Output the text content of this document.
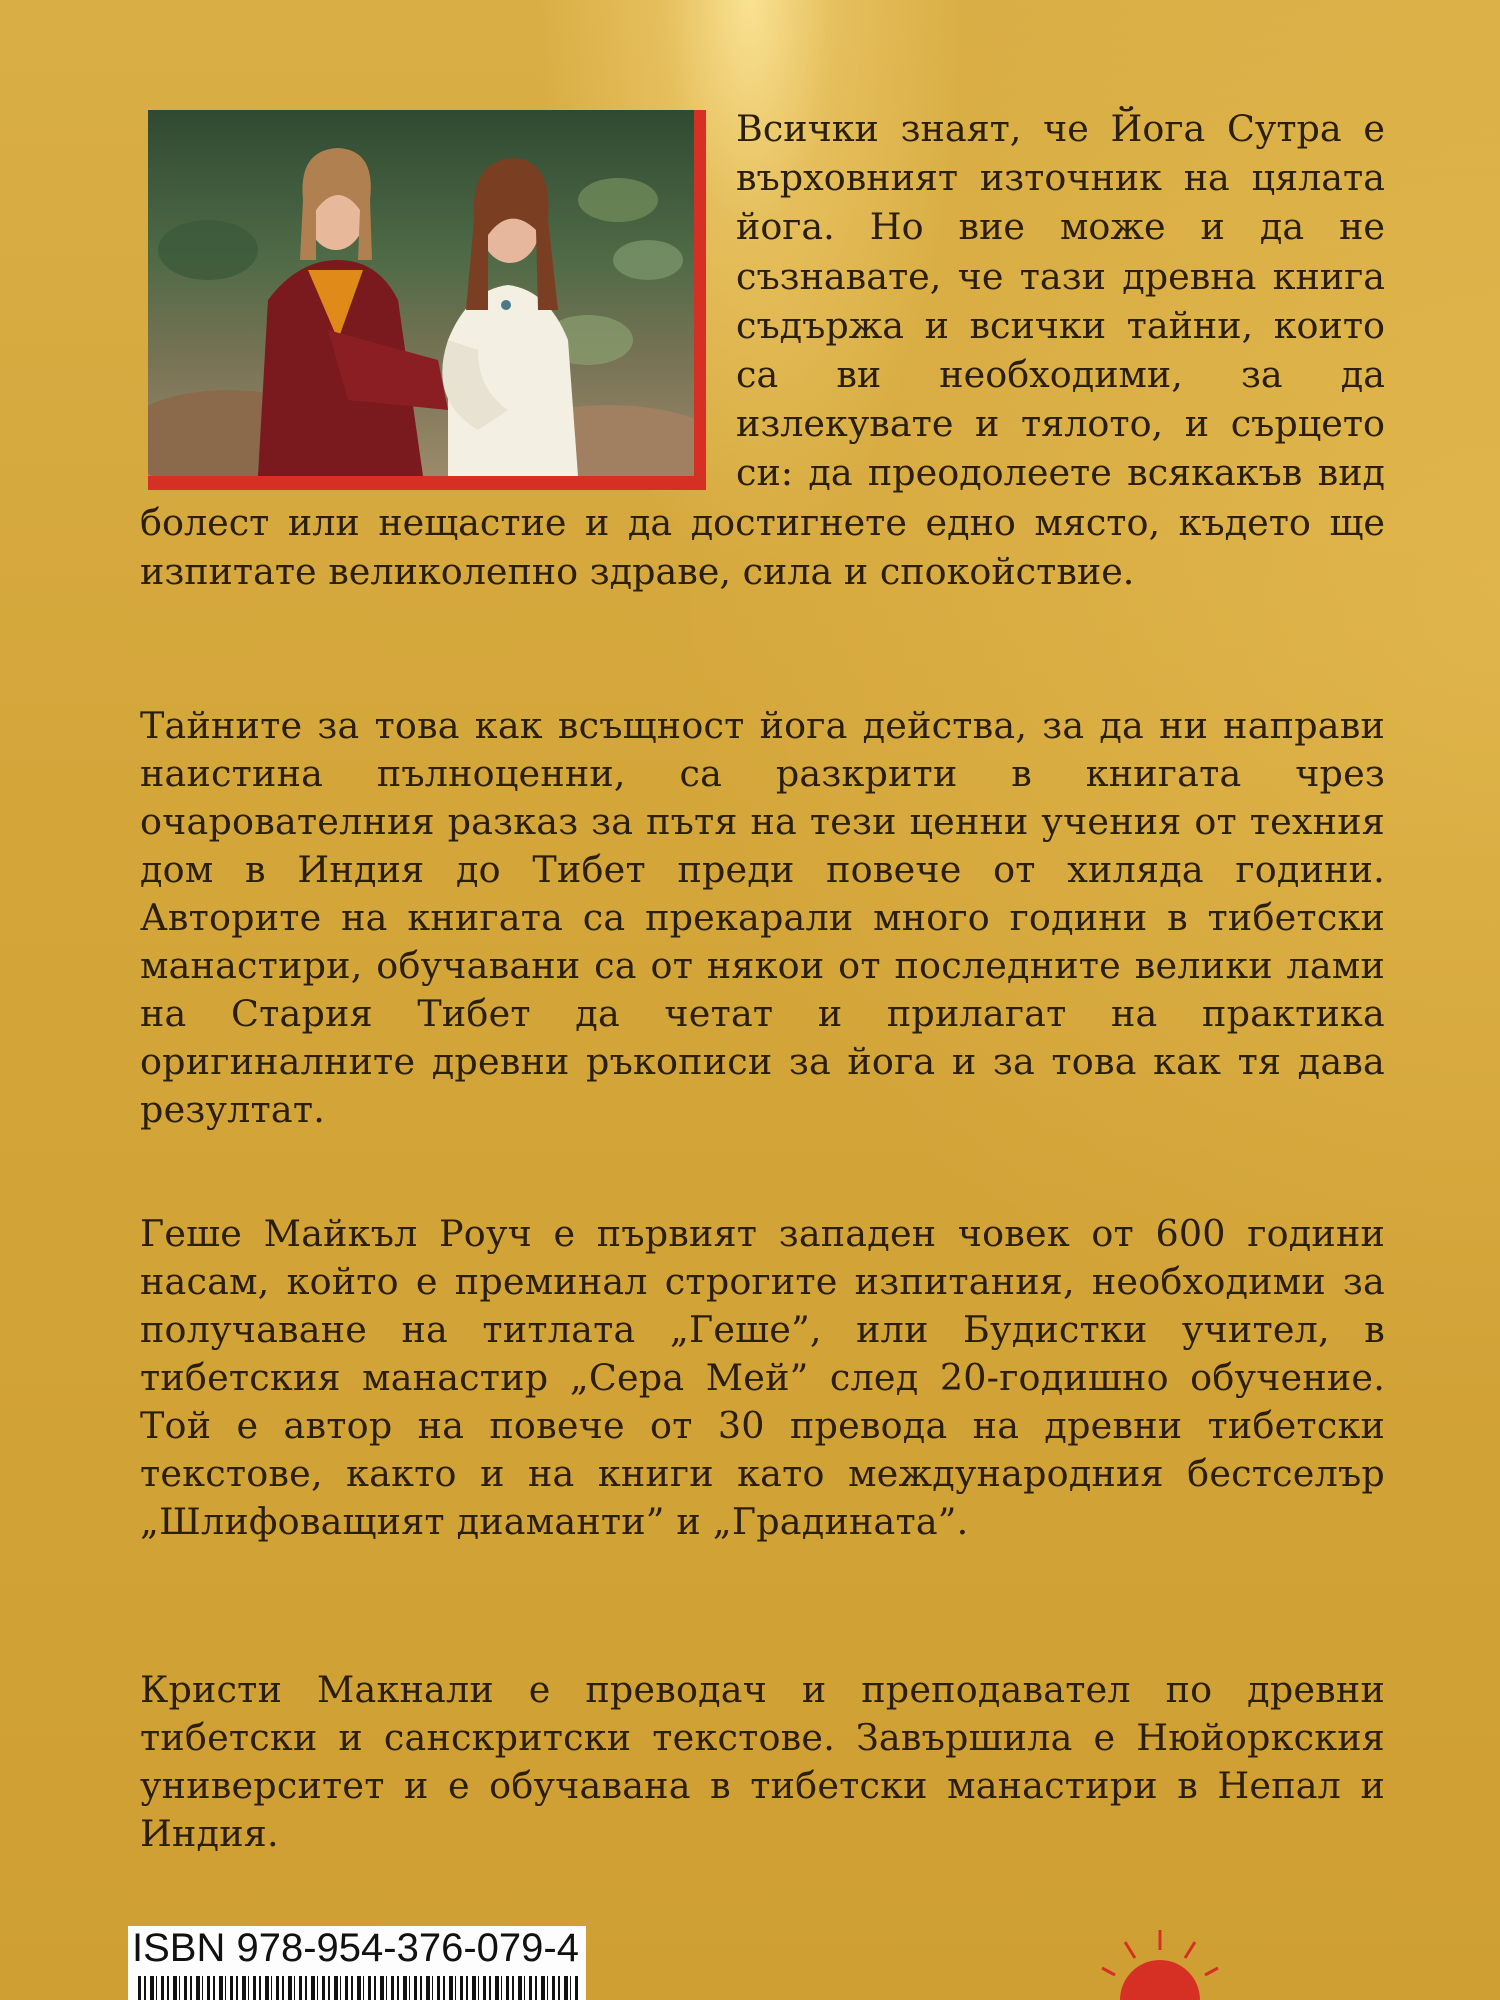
Всички знаят, че Йога Сутра е върховният източник на цялата йога. Но вие може и да не съзнавате, че тази древна книга съдържа и всички тайни, които са ви необходими, за да излекувате и тялото, и сърцето си: да преодолеете всякакъв вид болест или нещастие и да достигнете едно място, където ще изпитате великолепно здраве, сила и спокойствие.
Тайните за това как всъщност йога действа, за да ни направи наистина пълноценни, са разкрити в книгата чрез очарователния разказ за пътя на тези ценни учения от техния дом в Индия до Тибет преди повече от хиляда години. Авторите на книгата са прекарали много години в тибетски манастири, обучавани са от някои от последните велики лами на Стария Тибет да четат и прилагат на практика оригиналните древни ръкописи за йога и за това как тя дава резултат.
Геше Майкъл Роуч е първият западен човек от 600 години насам, който е преминал строгите изпитания, необходими за получаване на титлата „Геше”, или Будистки учител, в тибетския манастир „Сера Мей” след 20-годишно обучение. Той е автор на повече от 30 превода на древни тибетски текстове, както и на книги като международния бестселър „Шлифоващият диаманти” и „Градината”.
Кристи Макнали е преводач и преподавател по древни тибетски и санскритски текстове. Завършила е Нюйоркския университет и е обучавана в тибетски манастири в Непал и Индия.
ISBN 978-954-376-079-4
